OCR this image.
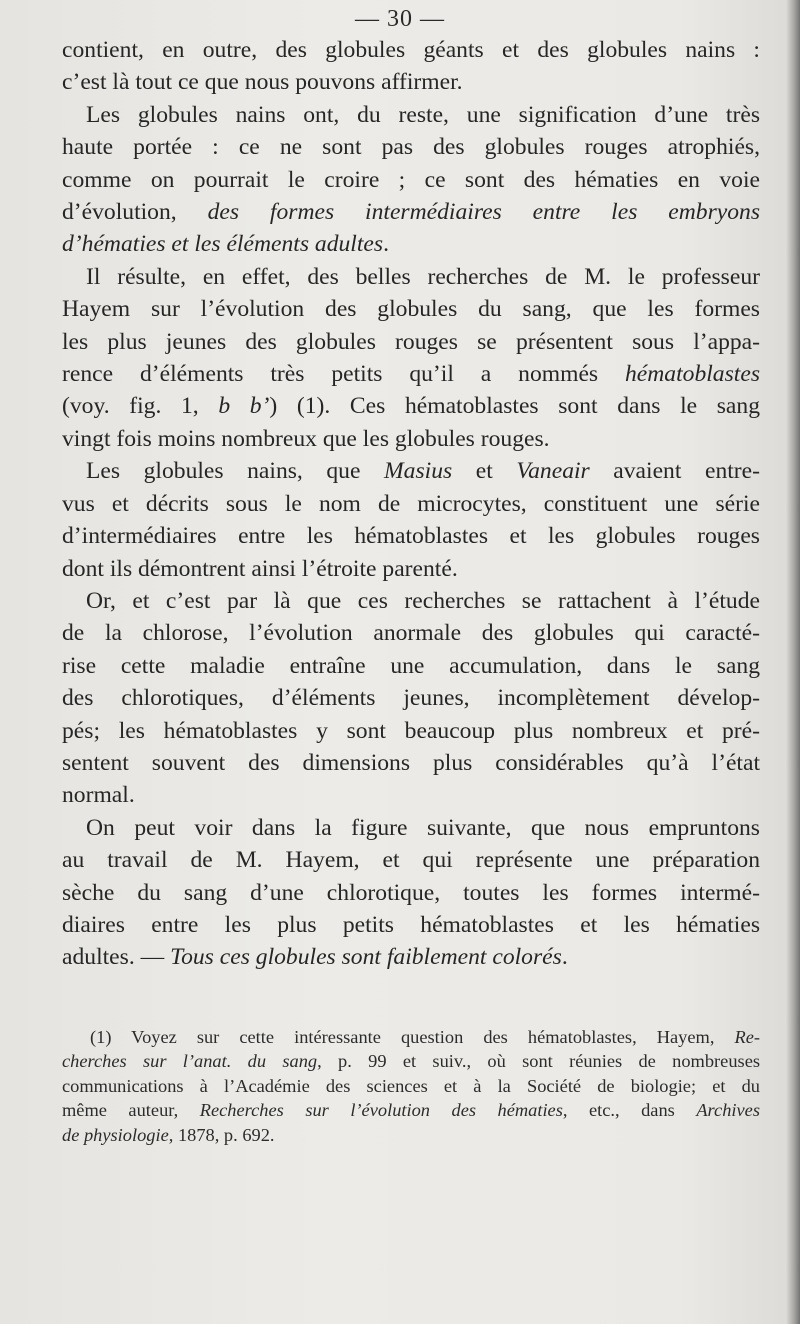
— 30 —
contient, en outre, des globules géants et des globules nains :
c’est là tout ce que nous pouvons affirmer.
Les globules nains ont, du reste, une signification d’une très
haute portée : ce ne sont pas des globules rouges atrophiés,
comme on pourrait le croire ; ce sont des hématies en voie
d’évolution, des formes intermédiaires entre les embryons
d’hématies et les éléments adultes.
Il résulte, en effet, des belles recherches de M. le professeur
Hayem sur l’évolution des globules du sang, que les formes
les plus jeunes des globules rouges se présentent sous l’appa-
rence d’éléments très petits qu’il a nommés hématoblastes
(voy. fig. 1, b b’) (1). Ces hématoblastes sont dans le sang
vingt fois moins nombreux que les globules rouges.
Les globules nains, que Masius et Vaneair avaient entre-
vus et décrits sous le nom de microcytes, constituent une série
d’intermédiaires entre les hématoblastes et les globules rouges
dont ils démontrent ainsi l’étroite parenté.
Or, et c’est par là que ces recherches se rattachent à l’étude
de la chlorose, l’évolution anormale des globules qui caracté-
rise cette maladie entraîne une accumulation, dans le sang
des chlorotiques, d’éléments jeunes, incomplètement dévelop-
pés; les hématoblastes y sont beaucoup plus nombreux et pré-
sentent souvent des dimensions plus considérables qu’à l’état
normal.
On peut voir dans la figure suivante, que nous empruntons
au travail de M. Hayem, et qui représente une préparation
sèche du sang d’une chlorotique, toutes les formes intermé-
diaires entre les plus petits hématoblastes et les hématies
adultes. — Tous ces globules sont faiblement colorés.
(1) Voyez sur cette intéressante question des hématoblastes, Hayem, Re-
cherches sur l’anat. du sang, p. 99 et suiv., où sont réunies de nombreuses
communications à l’Académie des sciences et à la Société de biologie; et du
même auteur, Recherches sur l’évolution des hématies, etc., dans Archives
de physiologie, 1878, p. 692.
